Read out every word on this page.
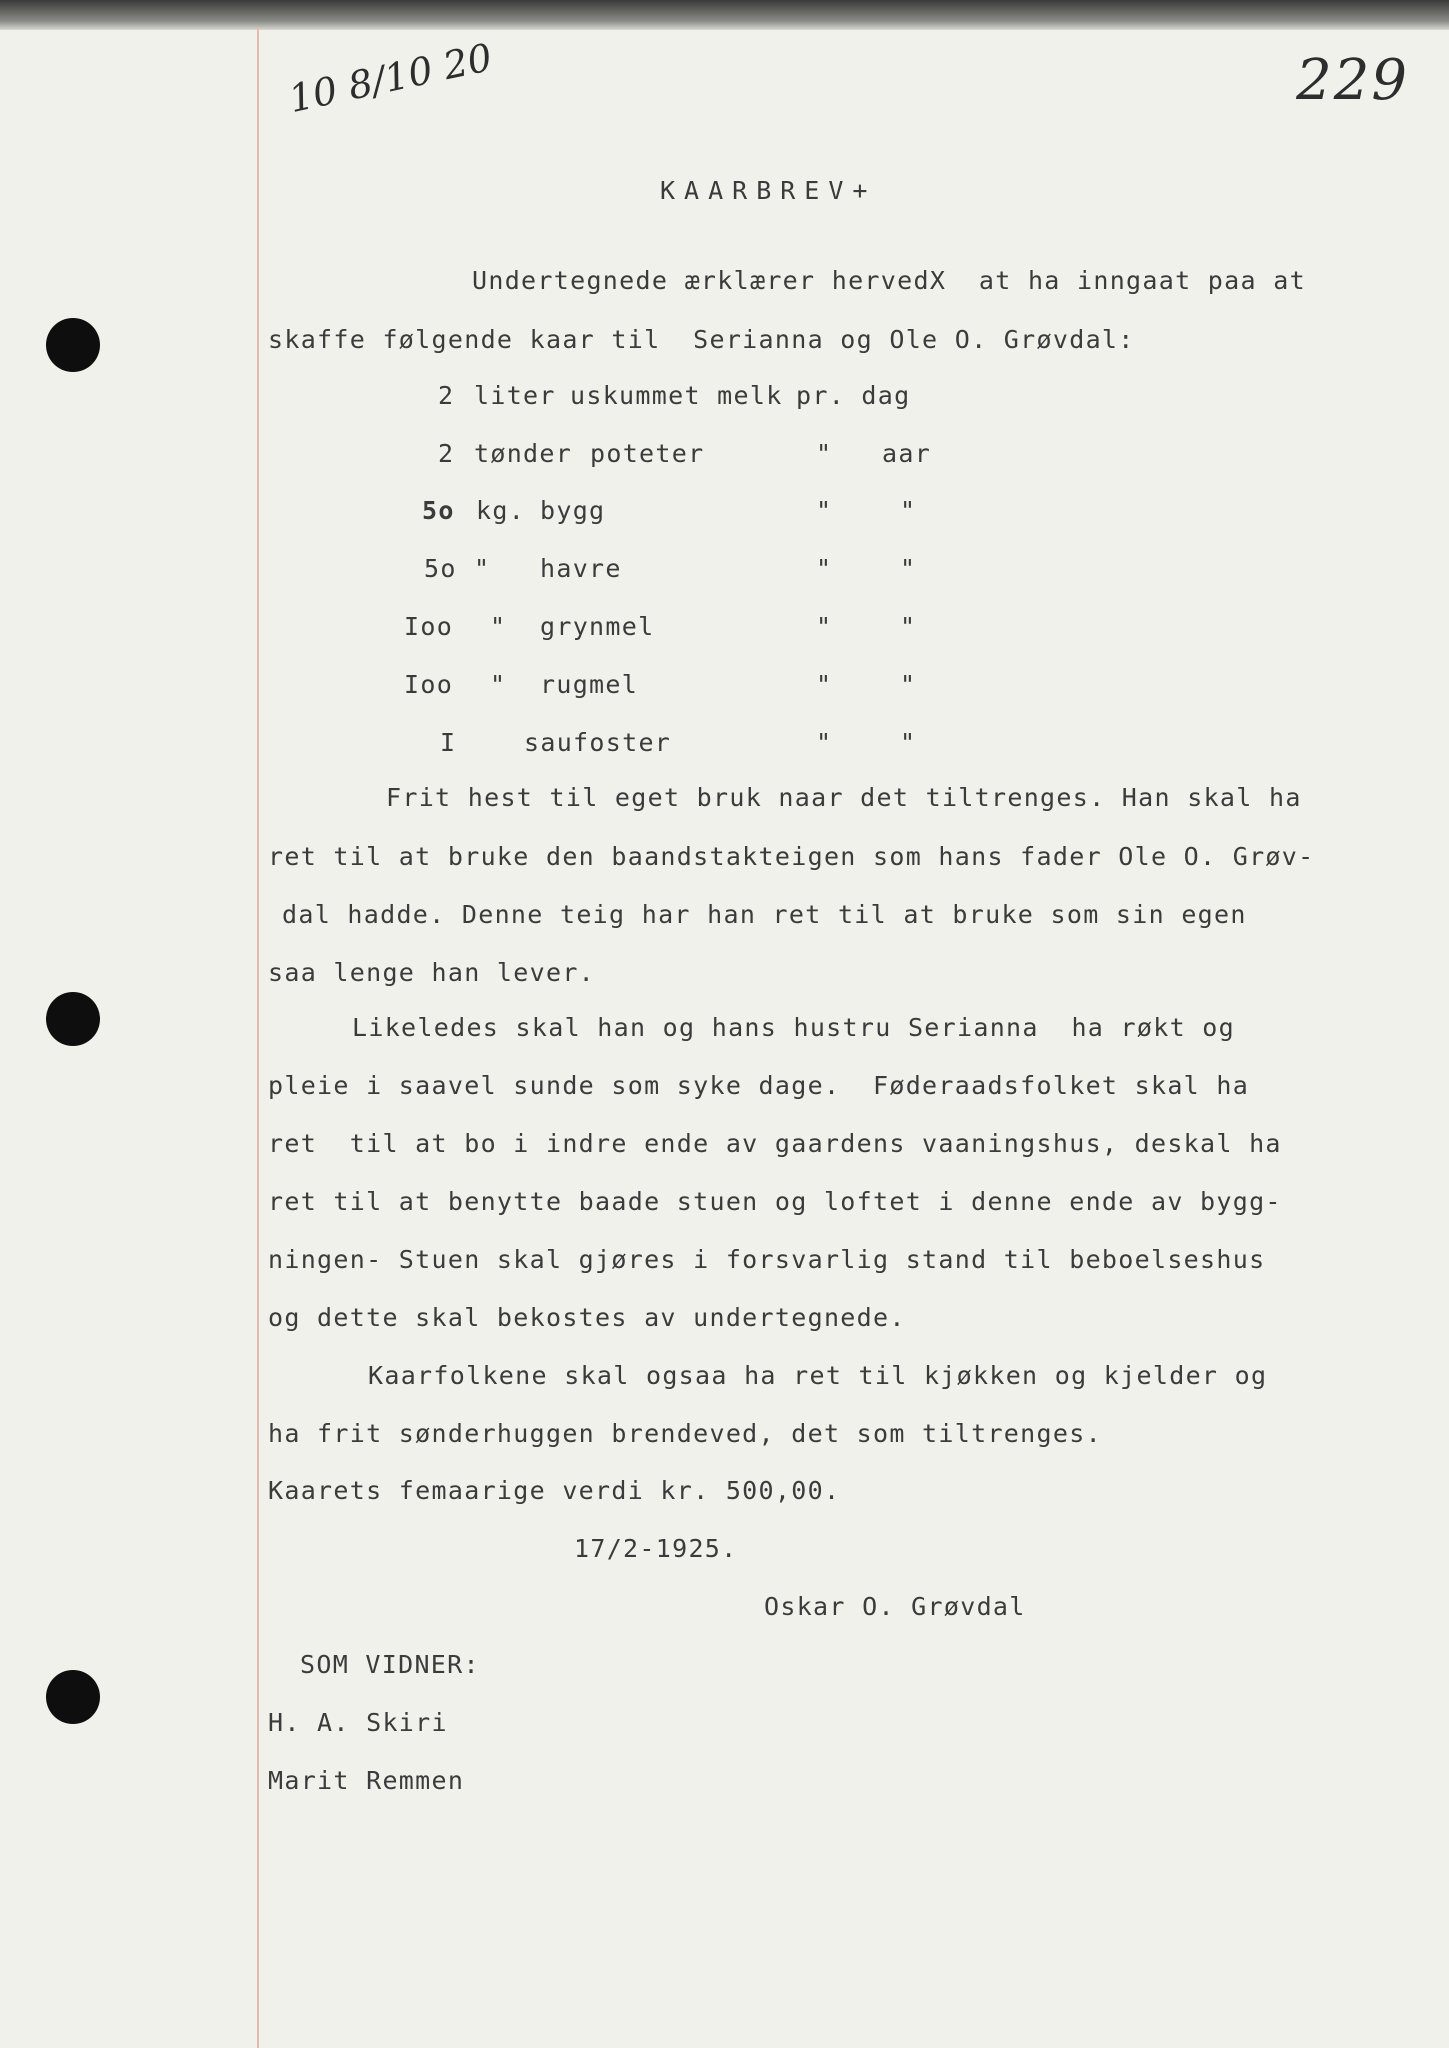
229
10 8/10 20
KAARBREV+
Undertegnede ærklærer hervedX  at ha inngaat paa at
skaffe følgende kaar til  Serianna og Ole O. Grøvdal:
2 liter uskummet melk pr. dag
2 tønder poteter	" aar
5o kg. bygg	"	"
5o " havre	"	"
Ioo " grynmel	"	"
Ioo " rugmel	"	"
I	saufoster	"	"
Frit hest til eget bruk naar det tiltrenges. Han skal ha
ret til at bruke den baandstakteigen som hans fader Ole O. Grøv-
dal hadde. Denne teig har han ret til at bruke som sin egen
saa lenge han lever.
Likeledes skal han og hans hustru Serianna  ha røkt og
pleie i saavel sunde som syke dage.  Føderaadsfolket skal ha
ret  til at bo i indre ende av gaardens vaaningshus, deskal ha
ret til at benytte baade stuen og loftet i denne ende av bygg-
ningen- Stuen skal gjøres i forsvarlig stand til beboelseshus
og dette skal bekostes av undertegnede.
Kaarfolkene skal ogsaa ha ret til kjøkken og kjelder og
ha frit sønderhuggen brendeved, det som tiltrenges.
Kaarets femaarige verdi kr. 500,00.
17/2-1925.
Oskar O. Grøvdal
SOM VIDNER:
H. A. Skiri
Marit Remmen
